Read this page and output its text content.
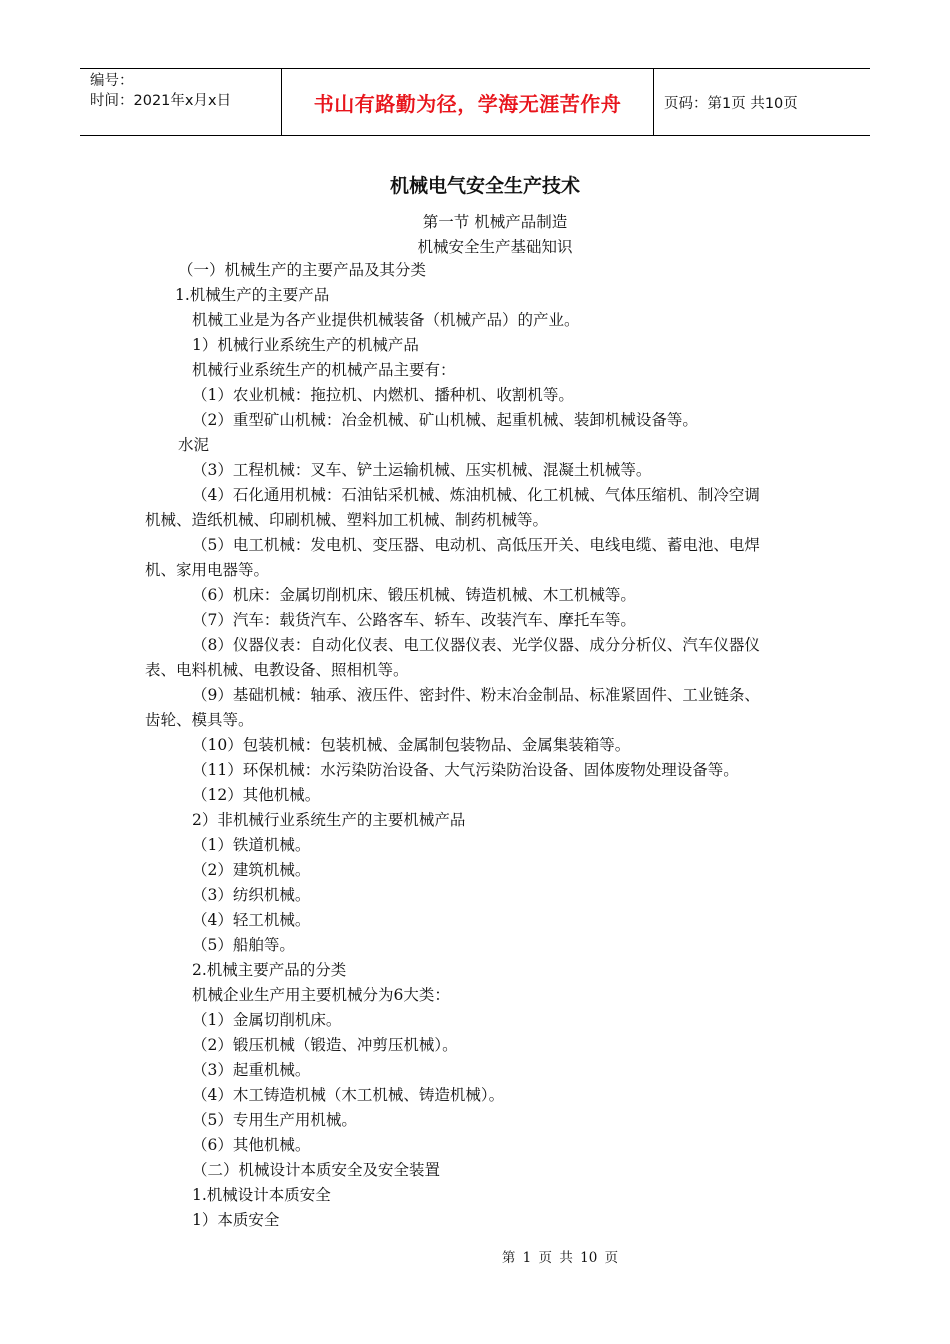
编号：
时间：2021年x月x日	书山有路勤为径，学海无涯苦作舟	页码：第1页 共10页
机械电气安全生产技术
第一节 机械产品制造
机械安全生产基础知识
（一）机械生产的主要产品及其分类
1.机械生产的主要产品
机械工业是为各产业提供机械装备（机械产品）的产业。
1）机械行业系统生产的机械产品
机械行业系统生产的机械产品主要有：
（1）农业机械：拖拉机、内燃机、播种机、收割机等。
（2）重型矿山机械：冶金机械、矿山机械、起重机械、装卸机械设备等。
水泥
（3）工程机械：叉车、铲土运输机械、压实机械、混凝土机械等。
（4）石化通用机械：石油钻采机械、炼油机械、化工机械、气体压缩机、制冷空调
机械、造纸机械、印刷机械、塑料加工机械、制药机械等。
（5）电工机械：发电机、变压器、电动机、高低压开关、电线电缆、蓄电池、电焊
机、家用电器等。
（6）机床：金属切削机床、锻压机械、铸造机械、木工机械等。
（7）汽车：载货汽车、公路客车、轿车、改装汽车、摩托车等。
（8）仪器仪表：自动化仪表、电工仪器仪表、光学仪器、成分分析仪、汽车仪器仪
表、电料机械、电教设备、照相机等。
（9）基础机械：轴承、液压件、密封件、粉末冶金制品、标准紧固件、工业链条、
齿轮、模具等。
（10）包装机械：包装机械、金属制包装物品、金属集装箱等。
（11）环保机械：水污染防治设备、大气污染防治设备、固体废物处理设备等。
（12）其他机械。
2）非机械行业系统生产的主要机械产品
（1）铁道机械。
（2）建筑机械。
（3）纺织机械。
（4）轻工机械。
（5）船舶等。
2.机械主要产品的分类
机械企业生产用主要机械分为6大类：
（1）金属切削机床。
（2）锻压机械（锻造、冲剪压机械）。
（3）起重机械。
（4）木工铸造机械（木工机械、铸造机械）。
（5）专用生产用机械。
（6）其他机械。
（二）机械设计本质安全及安全装置
1.机械设计本质安全
1）本质安全
第 1 页 共 10 页
